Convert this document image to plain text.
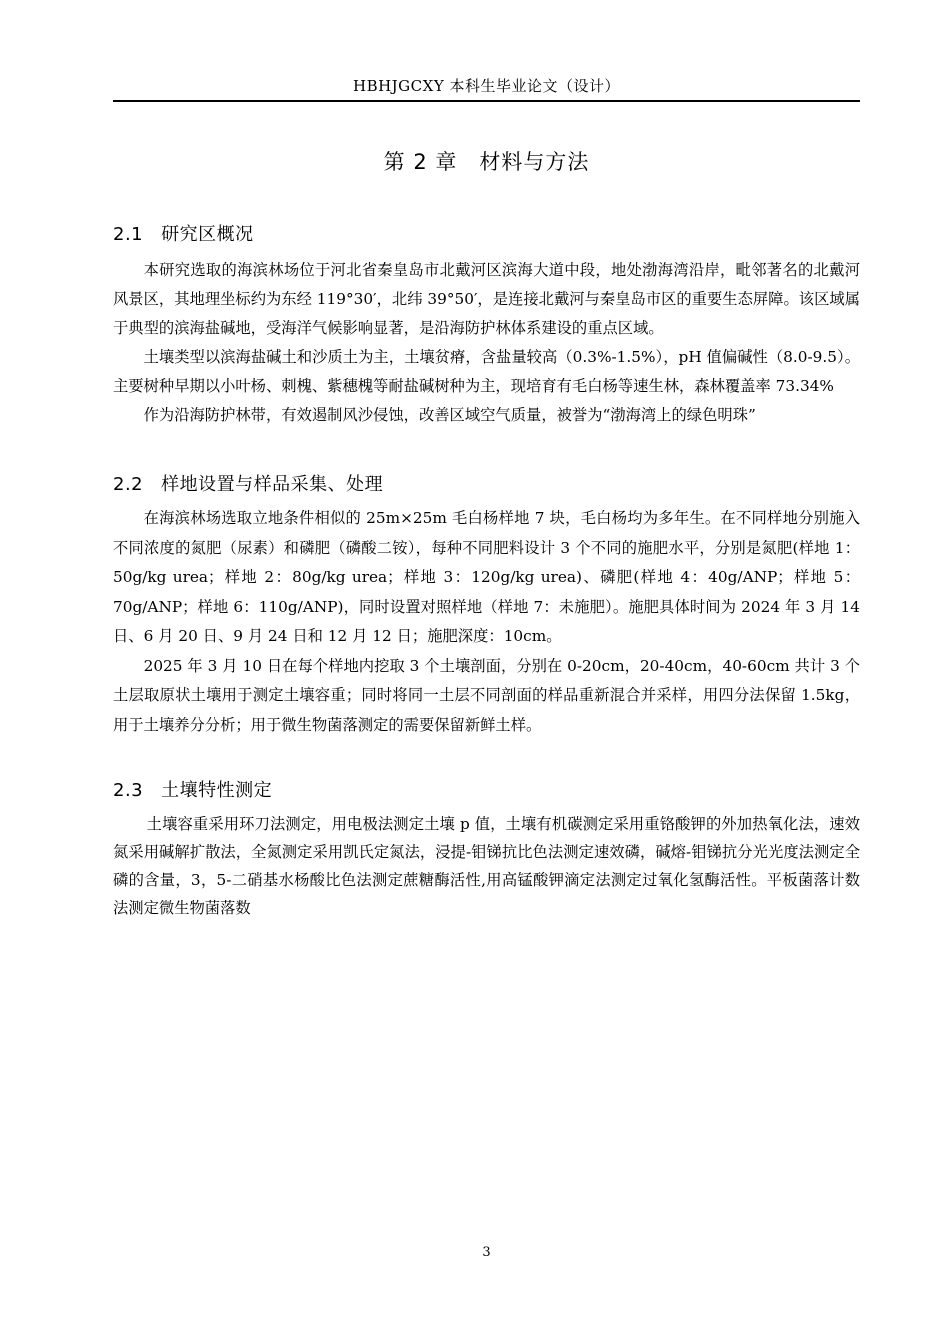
HBHJGCXY 本科生毕业论文（设计）
第 2 章　材料与方法
2.1 研究区概况

本研究选取的海滨林场位于河北省秦皇岛市北戴河区滨海大道中段，地处渤海湾沿岸，毗邻著名的北戴河风景区，其地理坐标约为东经 119°30′，北纬 39°50′，是连接北戴河与秦皇岛市区的重要生态屏障。该区域属于典型的滨海盐碱地，受海洋气候影响显著，是沿海防护林体系建设的重点区域。

土壤类型以滨海盐碱土和沙质土为主，土壤贫瘠，含盐量较高（0.3%-1.5%），pH 值偏碱性（8.0-9.5）。主要树种早期以小叶杨、刺槐、紫穗槐等耐盐碱树种为主，现培育有毛白杨等速生林，森林覆盖率 73.34%

作为沿海防护林带，有效遏制风沙侵蚀，改善区域空气质量，被誉为“渤海湾上的绿色明珠”

2.2 样地设置与样品采集、处理

在海滨林场选取立地条件相似的 25m×25m 毛白杨样地 7 块，毛白杨均为多年生。在不同样地分别施入不同浓度的氮肥（尿素）和磷肥（磷酸二铵），每种不同肥料设计 3 个不同的施肥水平，分别是氮肥(样地 1：50g/kg urea；样地 2：80g/kg urea；样地 3：120g/kg urea)、磷肥(样地 4：40g/ANP；样地 5：70g/ANP；样地 6：110g/ANP)，同时设置对照样地（样地 7：未施肥）。施肥具体时间为 2024 年 3 月 14 日、6 月 20 日、9 月 24 日和 12 月 12 日；施肥深度：10cm。

2025 年 3 月 10 日在每个样地内挖取 3 个土壤剖面，分别在 0-20cm，20-40cm，40-60cm 共计 3 个土层取原状土壤用于测定土壤容重；同时将同一土层不同剖面的样品重新混合并采样，用四分法保留 1.5kg，用于土壤养分分析；用于微生物菌落测定的需要保留新鲜土样。

2.3 土壤特性测定

土壤容重采用环刀法测定，用电极法测定土壤 p 值，土壤有机碳测定采用重铬酸钾的外加热氧化法，速效氮采用碱解扩散法，全氮测定采用凯氏定氮法，浸提-钼锑抗比色法测定速效磷，碱熔-钼锑抗分光光度法测定全磷的含量，3，5-二硝基水杨酸比色法测定蔗糖酶活性,用高锰酸钾滴定法测定过氧化氢酶活性。平板菌落计数法测定微生物菌落数

3
